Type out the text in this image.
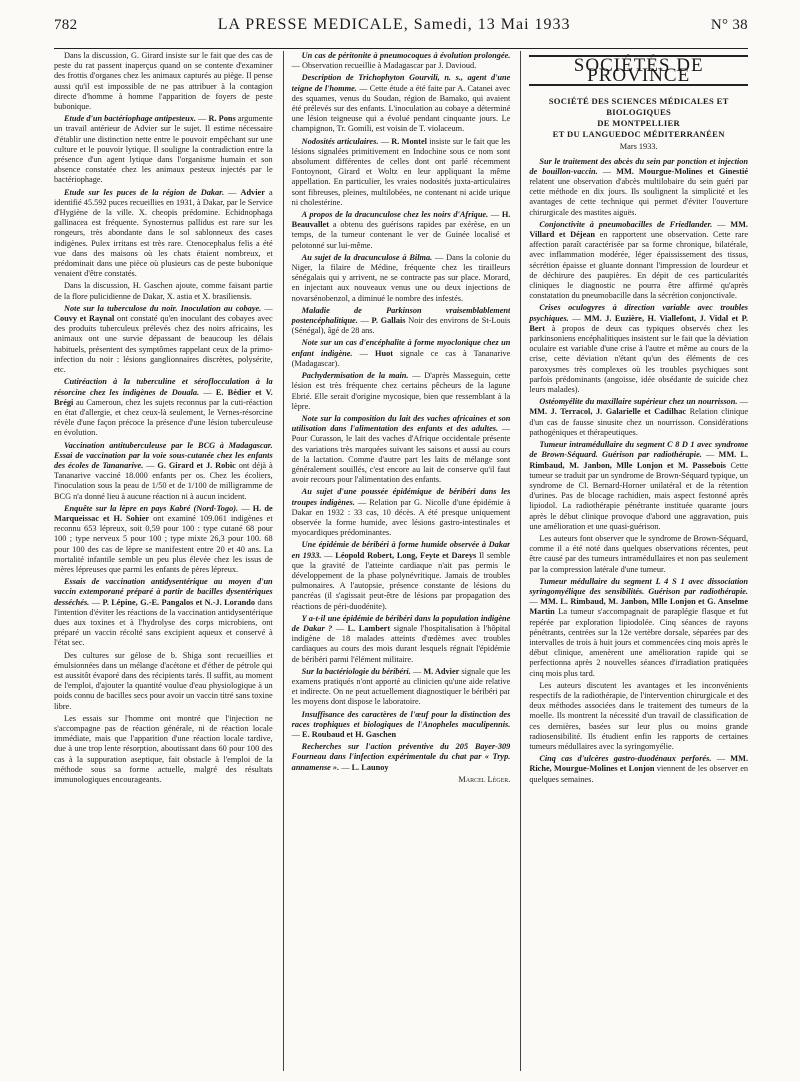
782	LA PRESSE MEDICALE, Samedi, 13 Mai 1933	N° 38

Dans la discussion, G. Girard insiste sur le fait que des cas de peste du rat passent inaperçus quand on se contente d'examiner des frottis d'organes chez les animaux capturés au piège. Il pense aussi qu'il est impossible de ne pas attribuer à la contagion directe d'homme à homme l'apparition de foyers de peste bubonique.

Etude d'un bactériophage antipesteux. — R. Pons argumente un travail antérieur de Advier sur le sujet. Il estime nécessaire d'établir une distinction nette entre le pouvoir empêchant sur une culture et le pouvoir lytique. Il souligne la contradiction entre la présence d'un agent lytique dans l'organisme humain et son absence constatée chez les animaux pesteux injectés par le bactériophage.

Etude sur les puces de la région de Dakar. — Advier a identifié 45.592 puces recueillies en 1931, à Dakar, par le Service d'Hygiène de la ville. X. cheopis prédomine. Echidnophaga gallinacea est fréquente. Synosternus pallidus est rare sur les rongeurs, très abondante dans le sol sablonneux des cases indigènes. Pulex irritans est très rare. Ctenocephalus felis a été vue dans des maisons où les chats étaient nombreux, et prédominait dans une pièce où plusieurs cas de peste bubonique venaient d'être constatés.

Dans la discussion, H. Gaschen ajoute, comme faisant partie de la flore pulicidienne de Dakar, X. astia et X. brasiliensis.

Note sur la tuberculose du noir. Inoculation au cobaye. — Couvy et Raynal ont constaté qu'en inoculant des cobayes avec des produits tuberculeux prélevés chez des noirs africains, les animaux ont une survie dépassant de beaucoup les délais habituels, présentent des symptômes rappelant ceux de la primo-infection du noir : lésions ganglionnaires discrètes, polysérite, etc.

Cutiréaction à la tuberculine et séroflocculation à la résorcine chez les indigènes de Douala. — E. Bédier et V. Brégi au Cameroun, chez les sujets reconnus par la cuti-réaction en état d'allergie, et chez ceux-là seulement, le Vernes-résorcine révèle d'une façon précoce la présence d'une lésion tuberculeuse en évolution.

Vaccination antituberculeuse par le BCG à Madagascar. Essai de vaccination par la voie sous-cutanée chez les enfants des écoles de Tananarive. — G. Girard et J. Robic ont déjà à Tananarive vacciné 18.000 enfants per os. Chez les écoliers, l'inoculation sous la peau de 1/50 et de 1/100 de milligramme de BCG n'a donné lieu à aucune réaction ni à aucun incident.

Enquête sur la lèpre en pays Kabré (Nord-Togo). — H. de Marqueissac et H. Sohier ont examiné 109.061 indigènes et reconnu 653 lépreux, soit 0,59 pour 100 : type cutané 68 pour 100 ; type nerveux 5 pour 100 ; type mixte 26,3 pour 100. 68 pour 100 des cas de lèpre se manifestent entre 20 et 40 ans. La mortalité infantile semble un peu plus élevée chez les issus de mères lépreuses que parmi les enfants de pères lépreux.

Essais de vaccination antidysentérique au moyen d'un vaccin extemporané préparé à partir de bacilles dysentériques desséchés. — P. Lépine, G.-E. Pangalos et N.-J. Lorando dans l'intention d'éviter les réactions de la vaccination antidysentérique dues aux toxines et à l'hydrolyse des corps microbiens, ont préparé un vaccin récolté sans excipient aqueux et conservé à l'état sec.

Des cultures sur gélose de b. Shiga sont recueillies et émulsionnées dans un mélange d'acétone et d'éther de pétrole qui est aussitôt évaporé dans des récipients tarés. Il suffit, au moment de l'emploi, d'ajouter la quantité voulue d'eau physiologique à un poids connu de bacilles secs pour avoir un vaccin titré sans toxine libre.

Les essais sur l'homme ont montré que l'injection ne s'accompagne pas de réaction générale, ni de réaction locale immédiate, mais que l'apparition d'une réaction locale tardive, due à une trop lente résorption, aboutissant dans 60 pour 100 des cas à la suppuration aseptique, fait obstacle à l'emploi de la méthode sous sa forme actuelle, malgré des résultats immunologiques encourageants.

Un cas de péritonite à pneumocoques à évolution prolongée. — Observation recueillie à Madagascar par J. Davioud.

Description de Trichophyton Gourvili, n. s., agent d'une teigne de l'homme. — Cette étude a été faite par A. Catanei avec des squames, venus du Soudan, région de Bamako, qui avaient été prélevés sur des enfants. L'inoculation au cobaye a déterminé une lésion teigneuse qui a évolué pendant cinquante jours. Le champignon, Tr. Gomili, est voisin de T. violaceum.

Nodosités articulaires. — R. Montel insiste sur le fait que les lésions signalées primitivement en Indochine sous ce nom sont absolument différentes de celles dont ont parlé récemment Fontoynont, Girard et Woltz en leur appliquant la même appellation. En particulier, les vraies nodosités juxta-articulaires sont fibreuses, pleines, multilobées, ne contenant ni acide urique ni cholestérine.

A propos de la dracunculose chez les noirs d'Afrique. — H. Beauvallet a obtenu des guérisons rapides par exérèse, en un temps, de la tumeur contenant le ver de Guinée localisé et pelotonné sur lui-même.

Au sujet de la dracunculose à Bilma. — Dans la colonie du Niger, la filaire de Médine, fréquente chez les tirailleurs sénégalais qui y arrivent, ne se contracte pas sur place. Morard, en injectant aux nouveaux venus une ou deux injections de novarsénobenzol, a diminué le nombre des infestés.

Maladie de Parkinson vraisemblablement postencéphalitique. — P. Gallais Noir des environs de St-Louis (Sénégal), âgé de 28 ans.

Note sur un cas d'encéphalite à forme myoclonique chez un enfant indigène. — Huot signale ce cas à Tananarive (Madagascar).

Pachydermisation de la main. — D'après Masseguin, cette lésion est très fréquente chez certains pêcheurs de la lagune Ebrié. Elle serait d'origine mycosique, bien que ressemblant à la lèpre.

Note sur la composition du lait des vaches africaines et son utilisation dans l'alimentation des enfants et des adultes. — Pour Curasson, le lait des vaches d'Afrique occidentale présente des variations très marquées suivant les saisons et aussi au cours de la lactation. Comme d'autre part les laits de mélange sont généralement souillés, c'est encore au lait de conserve qu'il faut avoir recours pour l'alimentation des enfants.

Au sujet d'une poussée épidémique de béribéri dans les troupes indigènes. — Relation par G. Nicolle d'une épidémie à Dakar en 1932 : 33 cas, 10 décès. A été presque uniquement observée la forme humide, avec lésions gastro-intestinales et myocardiques prédominantes.

Une épidémie de béribéri à forme humide observée à Dakar en 1933. — Léopold Robert, Long, Feyte et Dareys Il semble que la gravité de l'atteinte cardiaque n'ait pas permis le développement de la phase polynévritique. Jamais de troubles pulmonaires. A l'autopsie, présence constante de lésions du pancréas (il s'agissait peut-être de lésions par propagation des réactions de péri-duodénite).

Y a-t-il une épidémie de béribéri dans la population indigène de Dakar ? — L. Lambert signale l'hospitalisation à l'hôpital indigène de 18 malades atteints d'œdèmes avec troubles cardiaques au cours des mois durant lesquels régnait l'épidémie de béribéri parmi l'élément militaire.

Sur la bactériologie du béribéri. — M. Advier signale que les examens pratiqués n'ont apporté au clinicien qu'une aide relative et indirecte. On ne peut actuellement diagnostiquer le béribéri par les moyens dont dispose le laboratoire.

Insuffisance des caractères de l'œuf pour la distinction des races trophiques et biologiques de l'Anopheles maculipennis. — E. Roubaud et H. Gaschen

Recherches sur l'action préventive du 205 Bayer-309 Fourneau dans l'infection expérimentale du chat par « Tryp. annamense ». — L. Launoy

Marcel Léger.
SOCIÉTÉS DE PROVINCE
SOCIÉTÉ DES SCIENCES MÉDICALES ET BIOLOGIQUES
DE MONTPELLIER
ET DU LANGUEDOC MÉDITERRANÉEN
Mars 1933.

Sur le traitement des abcès du sein par ponction et injection de bouillon-vaccin. — MM. Mourgue-Molines et Ginestié relatent une observation d'abcès multilobaire du sein guéri par cette méthode en dix jours. Ils soulignent la simplicité et les avantages de cette technique qui permet d'éviter l'ouverture chirurgicale des mastites aiguës.

Conjonctivite à pneumobacilles de Friedlander. — MM. Villard et Déjean en rapportent une observation. Cette rare affection paraît caractérisée par sa forme chronique, bilatérale, avec inflammation modérée, léger épaississement des tissus, sécrétion épaisse et gluante donnant l'impression de lourdeur et de déchirure des paupières. En dépit de ces particularités cliniques le diagnostic ne pourra être affirmé qu'après constatation du pneumobacille dans la sécrétion conjonctivale.

Crises oculogyres à direction variable avec troubles psychiques. — MM. J. Euzière, H. Viallefont, J. Vidal et P. Bert à propos de deux cas typiques observés chez les parkinsoniens encéphalitiques insistent sur le fait que la déviation oculaire est variable d'une crise à l'autre et même au cours de la crise, cette déviation n'étant qu'un des éléments de ces paroxysmes très complexes où les troubles psychiques sont parfois prédominants (angoisse, idée obsédante de suicide chez leurs malades).

Ostéomyélite du maxillaire supérieur chez un nourrisson. — MM. J. Terracol, J. Galarielle et Cadilhac Relation clinique d'un cas de fausse sinusite chez un nourrisson. Considérations pathogéniques et thérapeutiques.

Tumeur intramédullaire du segment C 8 D 1 avec syndrome de Brown-Séquard. Guérison par radiothérapie. — MM. L. Rimbaud, M. Janbon, Mlle Lonjon et M. Passebois Cette tumeur se traduit par un syndrome de Brown-Séquard typique, un syndrome de Cl. Bernard-Horner unilatéral et de la rétention d'urines. Pas de blocage rachidien, mais aspect festonné après lipiodol. La radiothérapie pénétrante instituée quarante jours après le début clinique provoque d'abord une aggravation, puis une amélioration et une quasi-guérison.

Les auteurs font observer que le syndrome de Brown-Séquard, comme il a été noté dans quelques observations récentes, peut être causé par des tumeurs intramédullaires et non pas seulement par la compression latérale d'une tumeur.

Tumeur médullaire du segment L 4 S 1 avec dissociation syringomyélique des sensibilités. Guérison par radiothérapie. — MM. L. Rimbaud, M. Janbon, Mlle Lonjon et G. Anselme Martin La tumeur s'accompagnait de paraplégie flasque et fut repérée par exploration lipiodolée. Cinq séances de rayons pénétrants, centrées sur la 12e vertèbre dorsale, séparées par des intervalles de trois à huit jours et commencées cinq mois après le début clinique, amenèrent une amélioration rapide qui se perfectionna après 2 nouvelles séances d'irradiation pratiquées cinq mois plus tard.

Les auteurs discutent les avantages et les inconvénients respectifs de la radiothérapie, de l'intervention chirurgicale et des deux méthodes associées dans le traitement des tumeurs de la moelle. Ils montrent la nécessité d'un travail de classification de ces dernières, basées sur leur plus ou moins grande radiosensibilité. Ils étudient enfin les rapports de certaines tumeurs médullaires avec la syringomyélie.

Cinq cas d'ulcères gastro-duodénaux perforés. — MM. Riche, Mourgue-Molines et Lonjon viennent de les observer en quelques semaines.
